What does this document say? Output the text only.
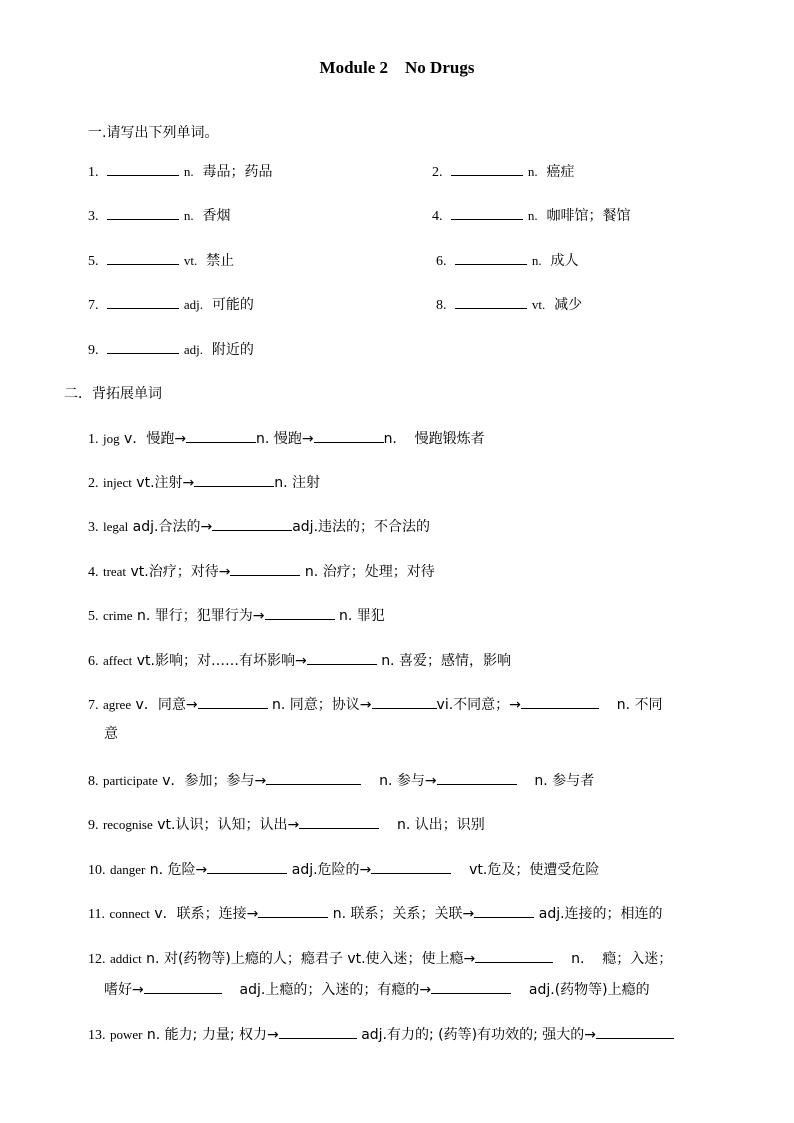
Module 2    No Drugs
一.请写出下列单词。
1.	n. 毒品；药品	2.	n. 癌症
3.	n. 香烟	4.	n. 咖啡馆；餐馆
5.	vt. 禁止	6.	n. 成人
7.	adj. 可能的	8.	vt. 减少
9.	adj. 附近的
二．背拓展单词
1. jog v．慢跑→	n. 慢跑→	n.    慢跑锻炼者
2. inject vt.注射→	n. 注射
3. legal adj.合法的→	adj.违法的；不合法的
4. treat vt.治疗；对待→	n. 治疗；处理；对待
5. crime n. 罪行；犯罪行为→	n. 罪犯
6. affect vt.影响；对……有坏影响→	n. 喜爱；感情，影响
7. agree v．同意→	n. 同意；协议→	vi.不同意；→	n. 不同
意
8. participate v．参加；参与→	n. 参与→	n. 参与者
9. recognise vt.认识；认知；认出→	n. 认出；识别
10. danger n. 危险→	adj.危险的→	vt.危及；使遭受危险
11. connect v．联系；连接→	n. 联系；关系；关联→	adj.连接的；相连的
12. addict n. 对(药物等)上瘾的人；瘾君子 vt.使入迷；使上瘾→	n.    瘾；入迷；
嗜好→	adj.上瘾的；入迷的；有瘾的→	adj.(药物等)上瘾的
13. power n. 能力; 力量; 权力→	adj.有力的; (药等)有功效的; 强大的→
